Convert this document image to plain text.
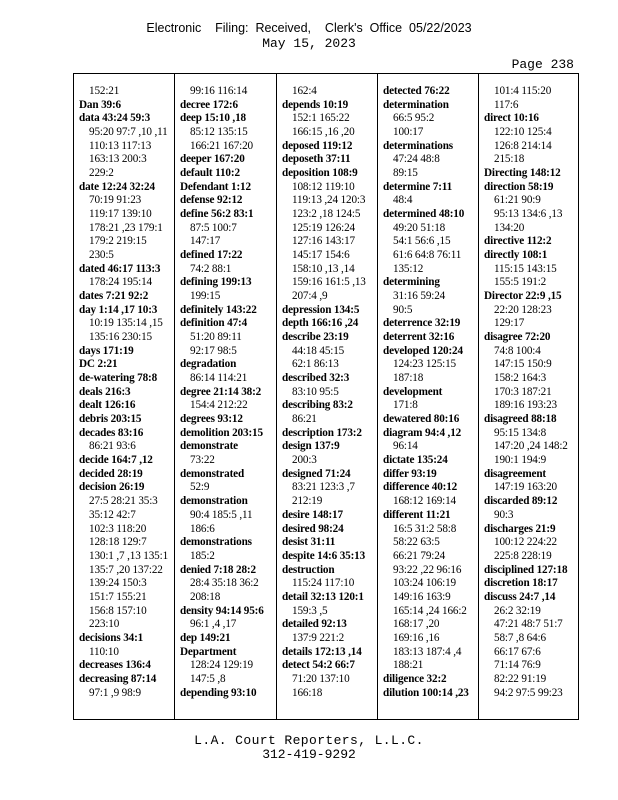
Electronic    Filing:  Received,    Clerk's  Office  05/22/2023
May 15, 2023
Page 238
152:21
Dan 39:6
data 43:24 59:3
95:20 97:7 ,10 ,11
110:13 117:13
163:13 200:3
229:2
date 12:24 32:24
70:19 91:23
119:17 139:10
178:21 ,23 179:1
179:2 219:15
230:5
dated 46:17 113:3
178:24 195:14
dates 7:21 92:2
day 1:14 ,17 10:3
10:19 135:14 ,15
135:16 230:15
days 171:19
DC 2:21
de-watering 78:8
deals 216:3
dealt 126:16
debris 203:15
decades 83:16
86:21 93:6
decide 164:7 ,12
decided 28:19
decision 26:19
27:5 28:21 35:3
35:12 42:7
102:3 118:20
128:18 129:7
130:1 ,7 ,13 135:1
135:7 ,20 137:22
139:24 150:3
151:7 155:21
156:8 157:10
223:10
decisions 34:1
110:10
decreases 136:4
decreasing 87:14
97:1 ,9 98:9
99:16 116:14
decree 172:6
deep 15:10 ,18
85:12 135:15
166:21 167:20
deeper 167:20
default 110:2
Defendant 1:12
defense 92:12
define 56:2 83:1
87:5 100:7
147:17
defined 17:22
74:2 88:1
defining 199:13
199:15
definitely 143:22
definition 47:4
51:20 89:11
92:17 98:5
degradation
86:14 114:21
degree 21:14 38:2
154:4 212:22
degrees 93:12
demolition 203:15
demonstrate
73:22
demonstrated
52:9
demonstration
90:4 185:5 ,11
186:6
demonstrations
185:2
denied 7:18 28:2
28:4 35:18 36:2
208:18
density 94:14 95:6
96:1 ,4 ,17
dep 149:21
Department
128:24 129:19
147:5 ,8
depending 93:10
162:4
depends 10:19
152:1 165:22
166:15 ,16 ,20
deposed 119:12
deposeth 37:11
deposition 108:9
108:12 119:10
119:13 ,24 120:3
123:2 ,18 124:5
125:19 126:24
127:16 143:17
145:17 154:6
158:10 ,13 ,14
159:16 161:5 ,13
207:4 ,9
depression 134:5
depth 166:16 ,24
describe 23:19
44:18 45:15
62:1 86:13
described 32:3
83:10 95:5
describing 83:2
86:21
description 173:2
design 137:9
200:3
designed 71:24
83:21 123:3 ,7
212:19
desire 148:17
desired 98:24
desist 31:11
despite 14:6 35:13
destruction
115:24 117:10
detail 32:13 120:1
159:3 ,5
detailed 92:13
137:9 221:2
details 172:13 ,14
detect 54:2 66:7
71:20 137:10
166:18
detected 76:22
determination
66:5 95:2
100:17
determinations
47:24 48:8
89:15
determine 7:11
48:4
determined 48:10
49:20 51:18
54:1 56:6 ,15
61:6 64:8 76:11
135:12
determining
31:16 59:24
90:5
deterrence 32:19
deterrent 32:16
developed 120:24
124:23 125:15
187:18
development
171:8
dewatered 80:16
diagram 94:4 ,12
96:14
dictate 135:24
differ 93:19
difference 40:12
168:12 169:14
different 11:21
16:5 31:2 58:8
58:22 63:5
66:21 79:24
93:22 ,22 96:16
103:24 106:19
149:16 163:9
165:14 ,24 166:2
168:17 ,20
169:16 ,16
183:13 187:4 ,4
188:21
diligence 32:2
dilution 100:14 ,23
101:4 115:20
117:6
direct 10:16
122:10 125:4
126:8 214:14
215:18
Directing 148:12
direction 58:19
61:21 90:9
95:13 134:6 ,13
134:20
directive 112:2
directly 108:1
115:15 143:15
155:5 191:2
Director 22:9 ,15
22:20 128:23
129:17
disagree 72:20
74:8 100:4
147:15 150:9
158:2 164:3
170:3 187:21
189:16 193:23
disagreed 88:18
95:15 134:8
147:20 ,24 148:2
190:1 194:9
disagreement
147:19 163:20
discarded 89:12
90:3
discharges 21:9
100:12 224:22
225:8 228:19
disciplined 127:18
discretion 18:17
discuss 24:7 ,14
26:2 32:19
47:21 48:7 51:7
58:7 ,8 64:6
66:17 67:6
71:14 76:9
82:22 91:19
94:2 97:5 99:23
L.A. Court Reporters, L.L.C.
312-419-9292
